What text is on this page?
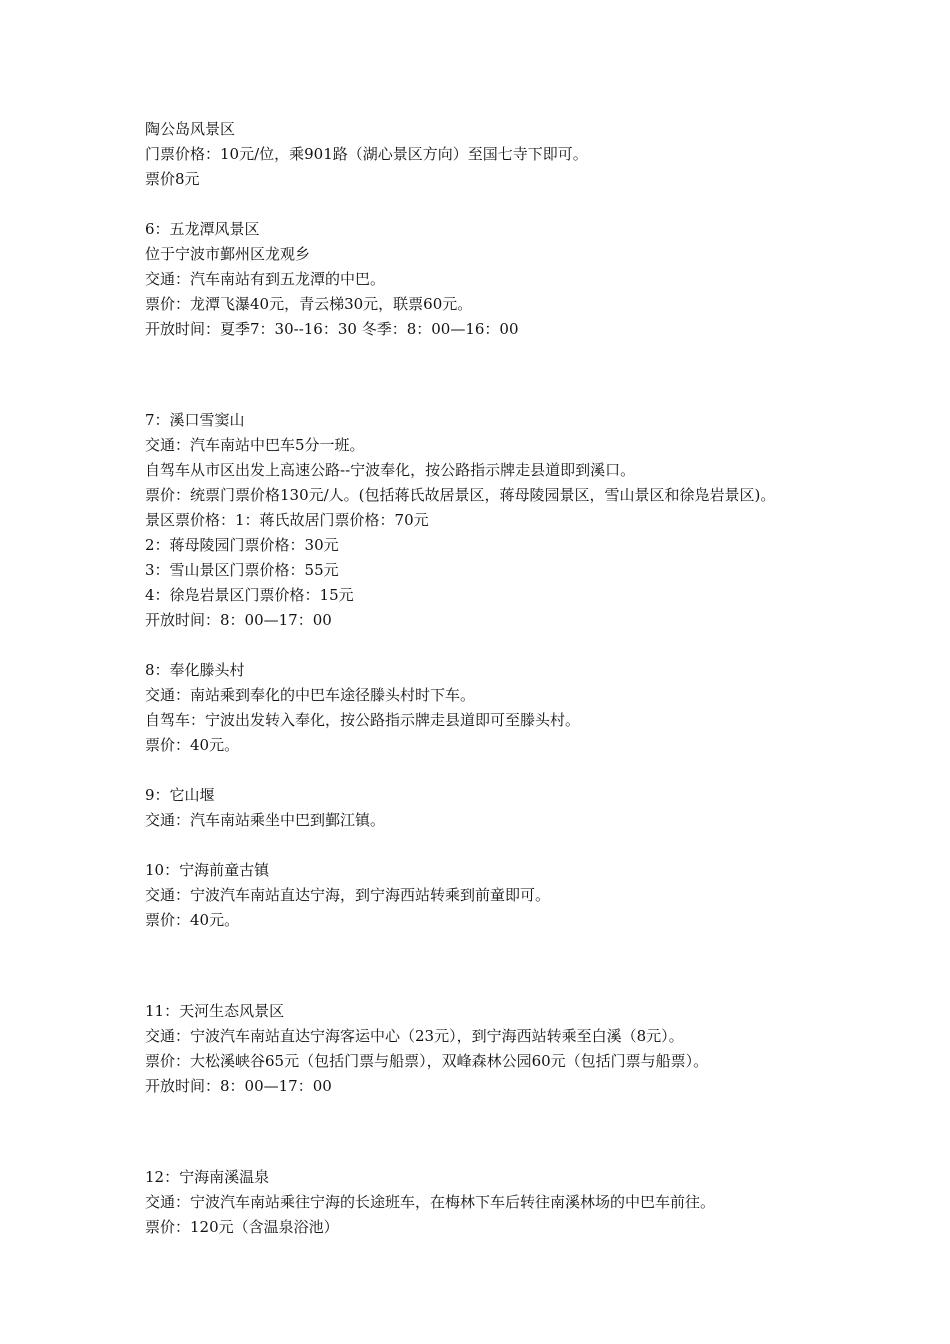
陶公岛风景区
门票价格：10元/位，乘901路（湖心景区方向）至国七寺下即可。
票价8元
6：五龙潭风景区
位于宁波市鄞州区龙观乡
交通：汽车南站有到五龙潭的中巴。
票价：龙潭飞瀑40元，青云梯30元，联票60元。
开放时间：夏季7：30--16：30 冬季：8：00—16：00
7：溪口雪窦山
交通：汽车南站中巴车5分一班。
自驾车从市区出发上高速公路--宁波奉化，按公路指示牌走县道即到溪口。
票价：统票门票价格130元/人。(包括蒋氏故居景区，蒋母陵园景区，雪山景区和徐凫岩景区)。
景区票价格：1：蒋氏故居门票价格：70元
2：蒋母陵园门票价格：30元
3：雪山景区门票价格：55元
4：徐凫岩景区门票价格：15元
开放时间：8：00—17：00
8：奉化滕头村
交通：南站乘到奉化的中巴车途径滕头村时下车。
自驾车：宁波出发转入奉化，按公路指示牌走县道即可至滕头村。
票价：40元。
9：它山堰
交通：汽车南站乘坐中巴到鄞江镇。
10：宁海前童古镇
交通：宁波汽车南站直达宁海，到宁海西站转乘到前童即可。
票价：40元。
11：天河生态风景区
交通：宁波汽车南站直达宁海客运中心（23元），到宁海西站转乘至白溪（8元）。
票价：大松溪峡谷65元（包括门票与船票），双峰森林公园60元（包括门票与船票）。
开放时间：8：00—17：00
12：宁海南溪温泉
交通：宁波汽车南站乘往宁海的长途班车，在梅林下车后转往南溪林场的中巴车前往。
票价：120元（含温泉浴池）
